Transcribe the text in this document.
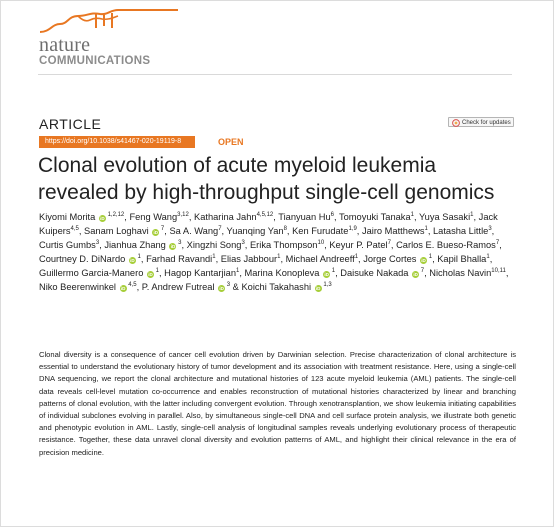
nature
COMMUNICATIONS
ARTICLE	Check for updates
https://doi.org/10.1038/s41467-020-19119-8	OPEN
Clonal evolution of acute myeloid leukemia revealed by high-throughput single-cell genomics
Kiyomi Morita iD $^{1,2,12}$, Feng Wang$^{3,12}$, Katharina Jahn$^{4,5,12}$, Tianyuan Hu$^6$, Tomoyuki Tanaka$^1$, Yuya Sasaki$^1$, Jack Kuipers$^{4,5}$, Sanam Loghavi iD $^7$, Sa A. Wang$^7$, Yuanqing Yan$^8$, Ken Furudate$^{1,9}$, Jairo Matthews$^1$, Latasha Little$^3$, Curtis Gumbs$^3$, Jianhua Zhang iD $^3$, Xingzhi Song$^3$, Erika Thompson$^{10}$, Keyur P. Patel$^7$, Carlos E. Bueso-Ramos$^7$, Courtney D. DiNardo iD $^1$, Farhad Ravandi$^1$, Elias Jabbour$^1$, Michael Andreeff$^1$, Jorge Cortes iD $^1$, Kapil Bhalla$^1$, Guillermo Garcia-Manero iD $^1$, Hagop Kantarjian$^1$, Marina Konopleva iD $^1$, Daisuke Nakada iD $^7$, Nicholas Navin$^{10,11}$, Niko Beerenwinkel iD $^{4,5}$, P. Andrew Futreal iD $^3$ & Koichi Takahashi iD $^{1,3}$
Clonal diversity is a consequence of cancer cell evolution driven by Darwinian selection. Precise characterization of clonal architecture is essential to understand the evolutionary history of tumor development and its association with treatment resistance. Here, using a single-cell DNA sequencing, we report the clonal architecture and mutational histories of 123 acute myeloid leukemia (AML) patients. The single-cell data reveals cell-level mutation co-occurrence and enables reconstruction of mutational histories characterized by linear and branching patterns of clonal evolution, with the latter including convergent evolution. Through xenotransplantion, we show leukemia initiating capabilities of individual subclones evolving in parallel. Also, by simultaneous single-cell DNA and cell surface protein analysis, we illustrate both genetic and phenotypic evolution in AML. Lastly, single-cell analysis of longitudinal samples reveals underlying evolutionary process of therapeutic resistance. Together, these data unravel clonal diversity and evolution patterns of AML, and highlight their clinical relevance in the era of precision medicine.
